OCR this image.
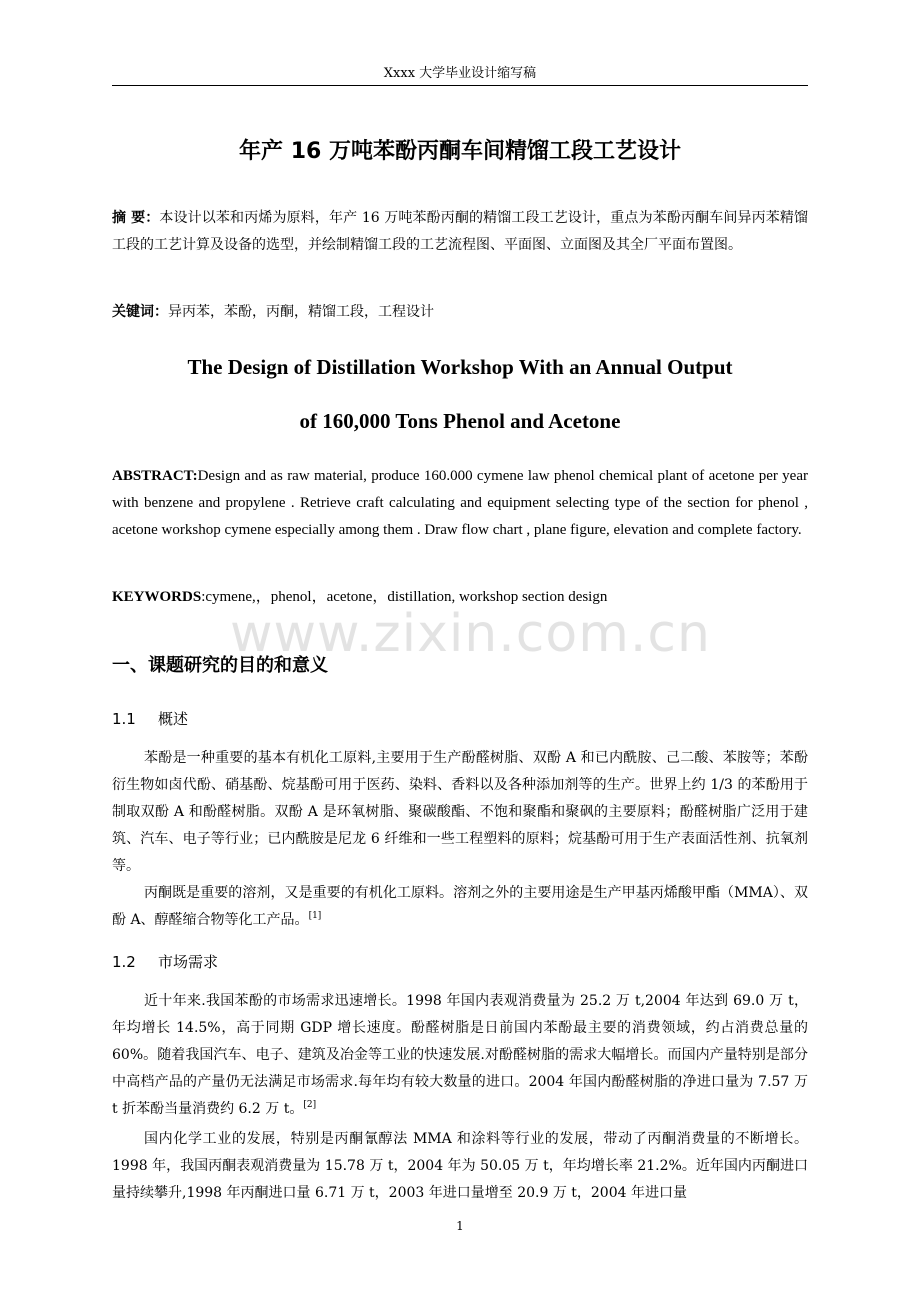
Xxxx 大学毕业设计缩写稿
www.zixin.com.cn
年产 16 万吨苯酚丙酮车间精馏工段工艺设计
摘 要：本设计以苯和丙烯为原料，年产 16 万吨苯酚丙酮的精馏工段工艺设计，重点为苯酚丙酮车间异丙苯精馏工段的工艺计算及设备的选型，并绘制精馏工段的工艺流程图、平面图、立面图及其全厂平面布置图。
关键词：异丙苯，苯酚，丙酮，精馏工段，工程设计
The Design of Distillation Workshop With an Annual Output
of 160,000 Tons Phenol and Acetone
ABSTRACT:Design and as raw material, produce 160.000 cymene law phenol chemical plant of acetone per year with benzene and propylene . Retrieve craft calculating and equipment selecting type of the section for phenol , acetone workshop cymene especially among them . Draw flow chart , plane figure, elevation and complete factory.
KEYWORDS:cymene,，phenol，acetone，distillation, workshop section design
一、课题研究的目的和意义
1.1 概述

苯酚是一种重要的基本有机化工原料,主要用于生产酚醛树脂、双酚 A 和已内酰胺、己二酸、苯胺等；苯酚衍生物如卤代酚、硝基酚、烷基酚可用于医药、染料、香料以及各种添加剂等的生产。世界上约 1/3 的苯酚用于制取双酚 A 和酚醛树脂。双酚 A 是环氧树脂、聚碳酸酯、不饱和聚酯和聚砜的主要原料；酚醛树脂广泛用于建筑、汽车、电子等行业；已内酰胺是尼龙 6 纤维和一些工程塑料的原料；烷基酚可用于生产表面活性剂、抗氧剂等。

丙酮既是重要的溶剂，又是重要的有机化工原料。溶剂之外的主要用途是生产甲基丙烯酸甲酯（MMA）、双酚 A、醇醛缩合物等化工产品。[1]

1.2 市场需求

近十年来.我国苯酚的市场需求迅速增长。1998 年国内表观消费量为 25.2 万 t,2004 年达到 69.0 万 t，年均增长 14.5%，高于同期 GDP 增长速度。酚醛树脂是日前国内苯酚最主要的消费领域，约占消费总量的 60%。随着我国汽车、电子、建筑及冶金等工业的快速发展.对酚醛树脂的需求大幅增长。而国内产量特别是部分中高档产品的产量仍无法满足市场需求.每年均有较大数量的进口。2004 年国内酚醛树脂的净进口量为 7.57 万 t 折苯酚当量消费约 6.2 万 t。[2]

国内化学工业的发展，特别是丙酮氰醇法 MMA 和涂料等行业的发展，带动了丙酮消费量的不断增长。1998 年，我国丙酮表观消费量为 15.78 万 t，2004 年为 50.05 万 t，年均增长率 21.2%。近年国内丙酮进口量持续攀升,1998 年丙酮进口量 6.71 万 t，2003 年进口量增至 20.9 万 t，2004 年进口量

1
